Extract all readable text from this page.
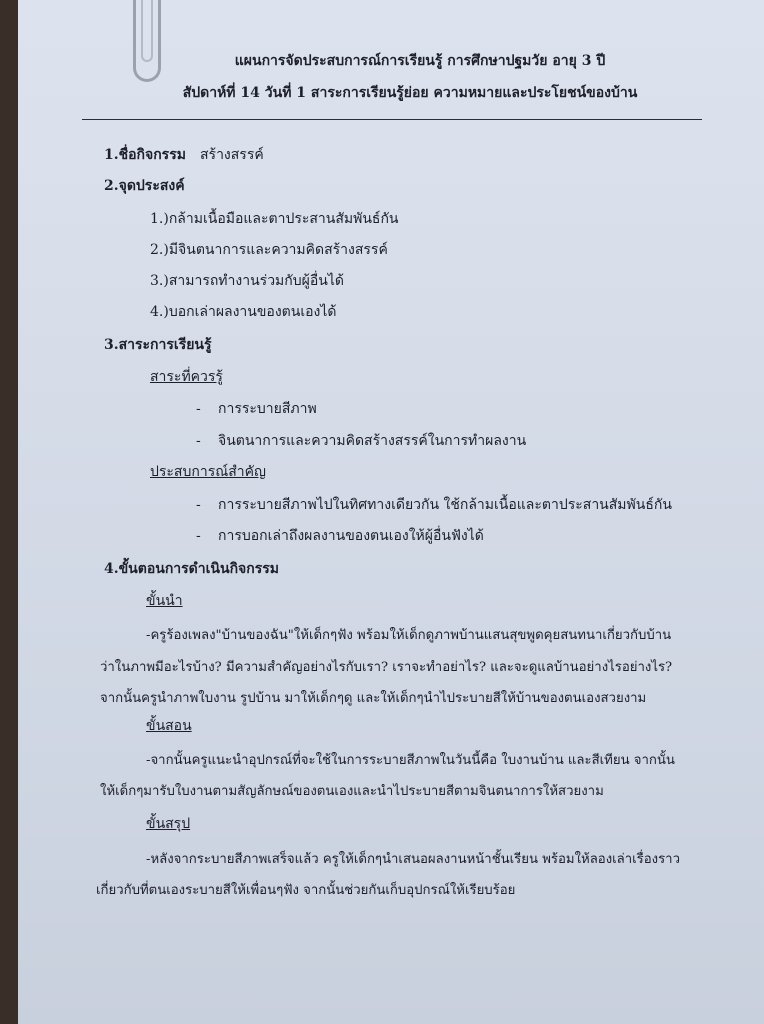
แผนการจัดประสบการณ์การเรียนรู้ การศึกษาปฐมวัย อายุ 3 ปี
สัปดาห์ที่ 14 วันที่ 1 สาระการเรียนรู้ย่อย ความหมายและประโยชน์ของบ้าน
1.ชื่อกิจกรรม สร้างสรรค์
2.จุดประสงค์
1.)กล้ามเนื้อมือและตาประสานสัมพันธ์กัน
2.)มีจินตนาการและความคิดสร้างสรรค์
3.)สามารถทำงานร่วมกับผู้อื่นได้
4.)บอกเล่าผลงานของตนเองได้
3.สาระการเรียนรู้
สาระที่ควรรู้
- การระบายสีภาพ
- จินตนาการและความคิดสร้างสรรค์ในการทำผลงาน
ประสบการณ์สำคัญ
- การระบายสีภาพไปในทิศทางเดียวกัน ใช้กล้ามเนื้อและตาประสานสัมพันธ์กัน
- การบอกเล่าถึงผลงานของตนเองให้ผู้อื่นฟังได้
4.ขั้นตอนการดำเนินกิจกรรม
ขั้นนำ
-ครูร้องเพลง"บ้านของฉัน"ให้เด็กๆฟัง พร้อมให้เด็กดูภาพบ้านแสนสุขพูดคุยสนทนาเกี่ยวกับบ้าน
ว่าในภาพมีอะไรบ้าง? มีความสำคัญอย่างไรกับเรา? เราจะทำอย่าไร? และจะดูแลบ้านอย่างไรอย่างไร?
จากนั้นครูนำภาพใบงาน รูปบ้าน มาให้เด็กๆดู และให้เด็กๆนำไประบายสีให้บ้านของตนเองสวยงาม
ขั้นสอน
-จากนั้นครูแนะนำอุปกรณ์ที่จะใช้ในการระบายสีภาพในวันนี้คือ ใบงานบ้าน และสีเทียน จากนั้น
ให้เด็กๆมารับใบงานตามสัญลักษณ์ของตนเองและนำไประบายสีตามจินตนาการให้สวยงาม
ขั้นสรุป
-หลังจากระบายสีภาพเสร็จแล้ว ครูให้เด็กๆนำเสนอผลงานหน้าชั้นเรียน พร้อมให้ลองเล่าเรื่องราว
เกี่ยวกับที่ตนเองระบายสีให้เพื่อนๆฟัง จากนั้นช่วยกันเก็บอุปกรณ์ให้เรียบร้อย
